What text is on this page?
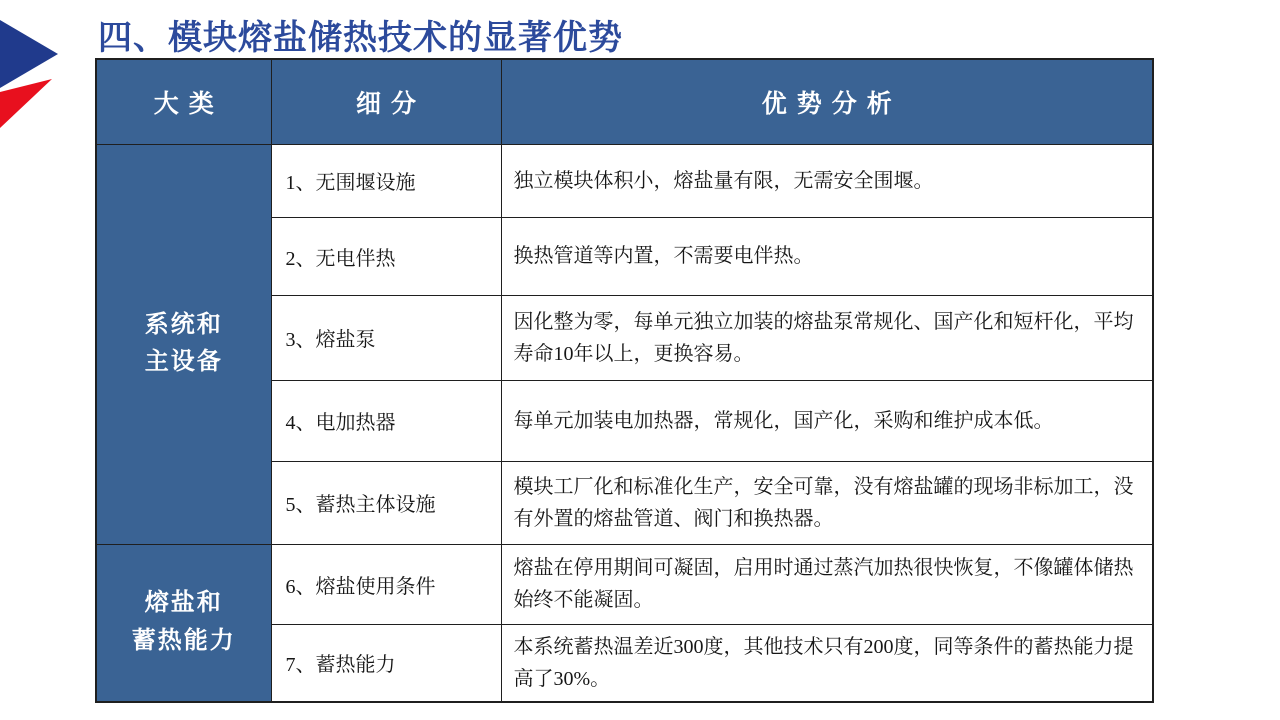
四、模块熔盐储热技术的显著优势
大类	细分	优势分析

系统和
主设备	1、无围堰设施	独立模块体积小，熔盐量有限，无需安全围堰。
	2、无电伴热	换热管道等内置，不需要电伴热。
	3、熔盐泵	因化整为零，每单元独立加装的熔盐泵常规化、国产化和短杆化，平均寿命10年以上，更换容易。
	4、电加热器	每单元加装电加热器，常规化，国产化，采购和维护成本低。
	5、蓄热主体设施	模块工厂化和标准化生产，安全可靠，没有熔盐罐的现场非标加工，没有外置的熔盐管道、阀门和换热器。

熔盐和
蓄热能力	6、熔盐使用条件	熔盐在停用期间可凝固，启用时通过蒸汽加热很快恢复，不像罐体储热始终不能凝固。
	7、蓄热能力	本系统蓄热温差近300度，其他技术只有200度，同等条件的蓄热能力提高了30%。
